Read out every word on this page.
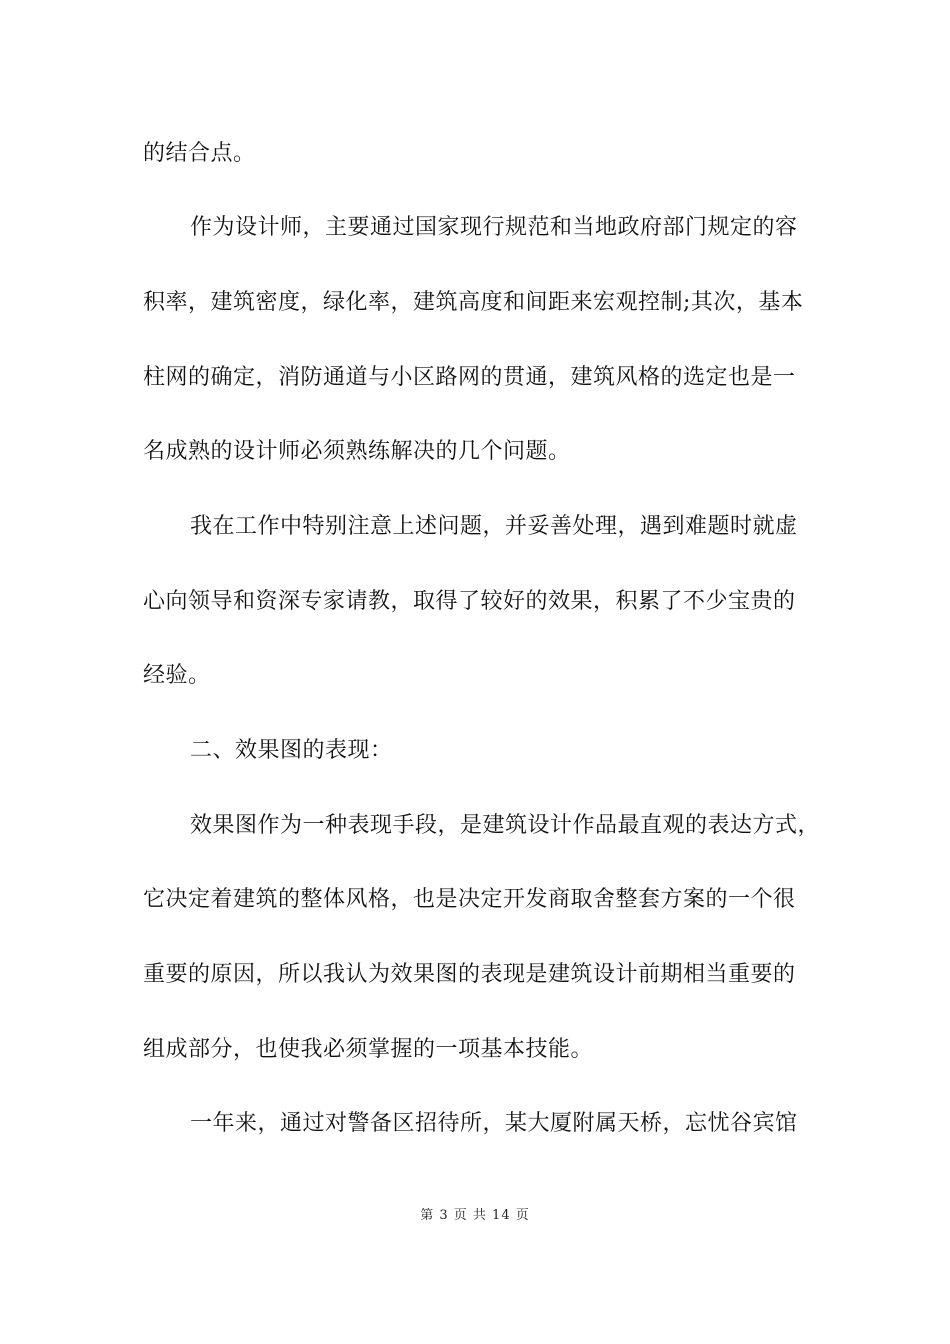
的结合点。
作为设计师，主要通过国家现行规范和当地政府部门规定的容
积率，建筑密度，绿化率，建筑高度和间距来宏观控制;其次，基本
柱网的确定，消防通道与小区路网的贯通，建筑风格的选定也是一
名成熟的设计师必须熟练解决的几个问题。
我在工作中特别注意上述问题，并妥善处理，遇到难题时就虚
心向领导和资深专家请教，取得了较好的效果，积累了不少宝贵的
经验。
二、效果图的表现：
效果图作为一种表现手段，是建筑设计作品最直观的表达方式，
它决定着建筑的整体风格，也是决定开发商取舍整套方案的一个很
重要的原因，所以我认为效果图的表现是建筑设计前期相当重要的
组成部分，也使我必须掌握的一项基本技能。
一年来，通过对警备区招待所，某大厦附属天桥，忘忧谷宾馆
第 3 页 共 14 页
